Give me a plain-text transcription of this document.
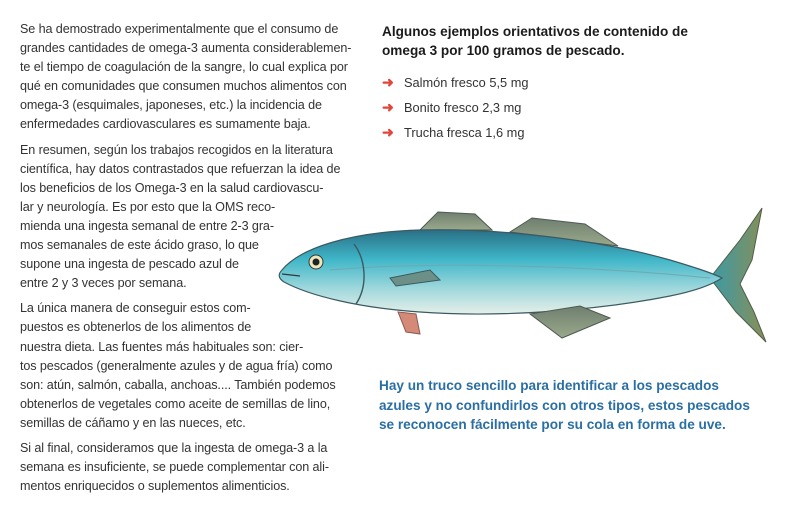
Se ha demostrado experimentalmente que el consumo de
grandes cantidades de omega-3 aumenta considerablemen-
te el tiempo de coagulación de la sangre, lo cual explica por
qué en comunidades que consumen muchos alimentos con
omega-3 (esquimales, japoneses, etc.) la incidencia de
enfermedades cardiovasculares es sumamente baja.
En resumen, según los trabajos recogidos en la literatura
científica, hay datos contrastados que refuerzan la idea de
los beneficios de los Omega-3 en la salud cardiovascu-
lar y neurología. Es por esto que la OMS reco-
mienda una ingesta semanal de entre 2-3 gra-
mos semanales de este ácido graso, lo que
supone una ingesta de pescado azul de
entre 2 y 3 veces por semana.
La única manera de conseguir estos com-
puestos es obtenerlos de los alimentos de
nuestra dieta. Las fuentes más habituales son: cier-
tos pescados (generalmente azules y de agua fría) como
son: atún, salmón, caballa, anchoas.... También podemos
obtenerlos de vegetales como aceite de semillas de lino,
semillas de cáñamo y en las nueces, etc.
Si al final, consideramos que la ingesta de omega-3 a la
semana es insuficiente, se puede complementar con ali-
mentos enriquecidos o suplementos alimenticios.
Algunos ejemplos orientativos de contenido de
omega 3 por 100 gramos de pescado.
➜ Salmón fresco 5,5 mg
➜ Bonito fresco 2,3 mg
➜ Trucha fresca 1,6 mg
Hay un truco sencillo para identificar a los pescados
azules y no confundirlos con otros tipos, estos pescados
se reconocen fácilmente por su cola en forma de uve.
